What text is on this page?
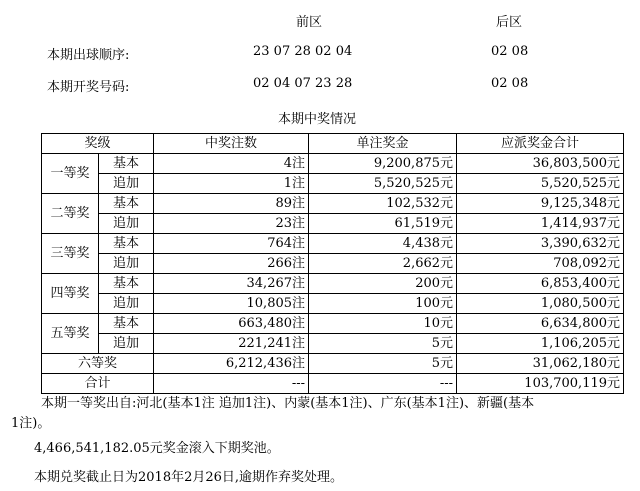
前区	后区
本期出球顺序:	23 07 28 02 04	02 08
本期开奖号码:	02 04 07 23 28	02 08
本期中奖情况
奖级		中奖注数	单注奖金	应派奖金合计
一等奖	基本	4注	9,200,875元	36,803,500元
	追加	1注	5,520,525元	5,520,525元
二等奖	基本	89注	102,532元	9,125,348元
	追加	23注	61,519元	1,414,937元
三等奖	基本	764注	4,438元	3,390,632元
	追加	266注	2,662元	708,092元
四等奖	基本	34,267注	200元	6,853,400元
	追加	10,805注	100元	1,080,500元
五等奖	基本	663,480注	10元	6,634,800元
	追加	221,241注	5元	1,106,205元
六等奖		6,212,436注	5元	31,062,180元
合计		---	---	103,700,119元
本期一等奖出自:河北(基本1注 追加1注)、内蒙(基本1注)、广东(基本1注)、新疆(基本
1注)。
4,466,541,182.05元奖金滚入下期奖池。
本期兑奖截止日为2018年2月26日,逾期作弃奖处理。
